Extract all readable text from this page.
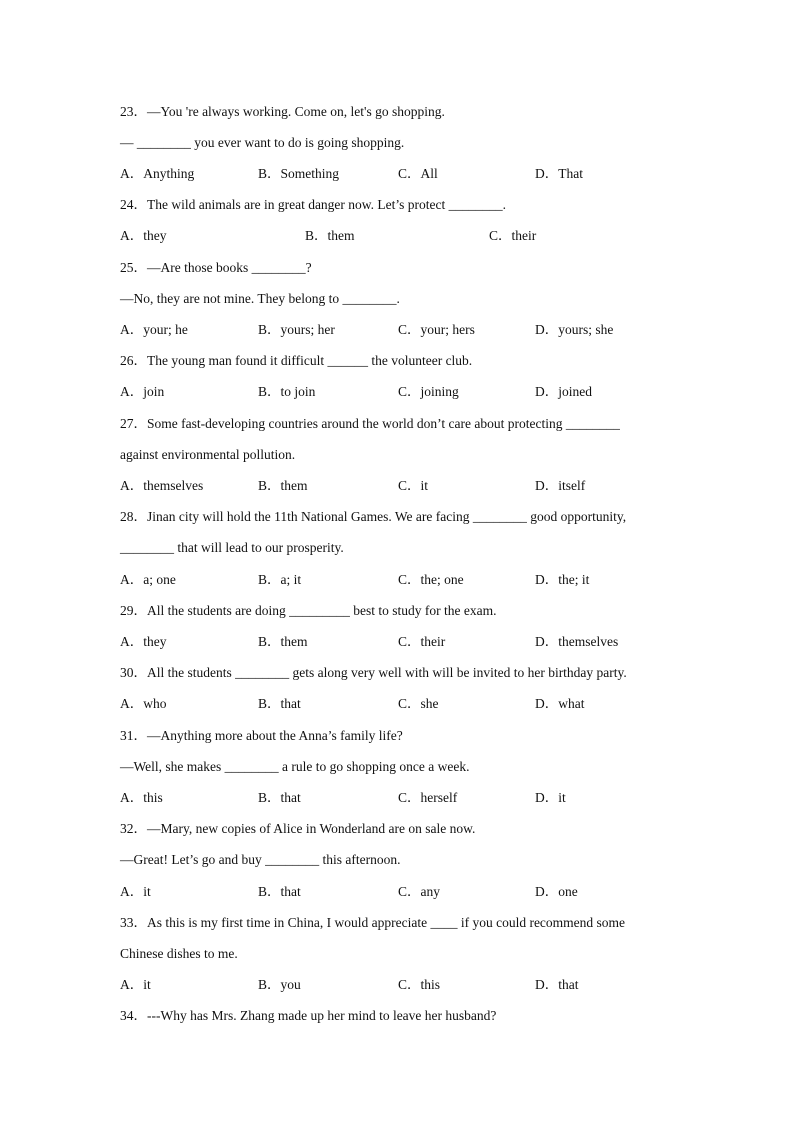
23．—You 're always working. Come on, let's go shopping.
— ________ you ever want to do is going shopping.
A．Anything	B．Something	C．All	D．That
24．The wild animals are in great danger now. Let’s protect ________.
A．they	B．them	C．their
25．—Are those books ________?
—No, they are not mine. They belong to ________.
A．your; he	B．yours; her	C．your; hers	D．yours; she
26．The young man found it difficult ______ the volunteer club.
A．join	B．to join	C．joining	D．joined
27．Some fast-developing countries around the world don’t care about protecting ________
against environmental pollution.
A．themselves	B．them	C．it	D．itself
28．Jinan city will hold the 11th National Games. We are facing ________ good opportunity,
________ that will lead to our prosperity.
A．a; one	B．a; it	C．the; one	D．the; it
29．All the students are doing _________ best to study for the exam.
A．they	B．them	C．their	D．themselves
30．All the students ________ gets along very well with will be invited to her birthday party.
A．who	B．that	C．she	D．what
31．—Anything more about the Anna’s family life?
—Well, she makes ________ a rule to go shopping once a week.
A．this	B．that	C．herself	D．it
32．—Mary, new copies of Alice in Wonderland are on sale now.
—Great! Let’s go and buy ________ this afternoon.
A．it	B．that	C．any	D．one
33．As this is my first time in China, I would appreciate ____ if you could recommend some
Chinese dishes to me.
A．it	B．you	C．this	D．that
34．---Why has Mrs. Zhang made up her mind to leave her husband?
